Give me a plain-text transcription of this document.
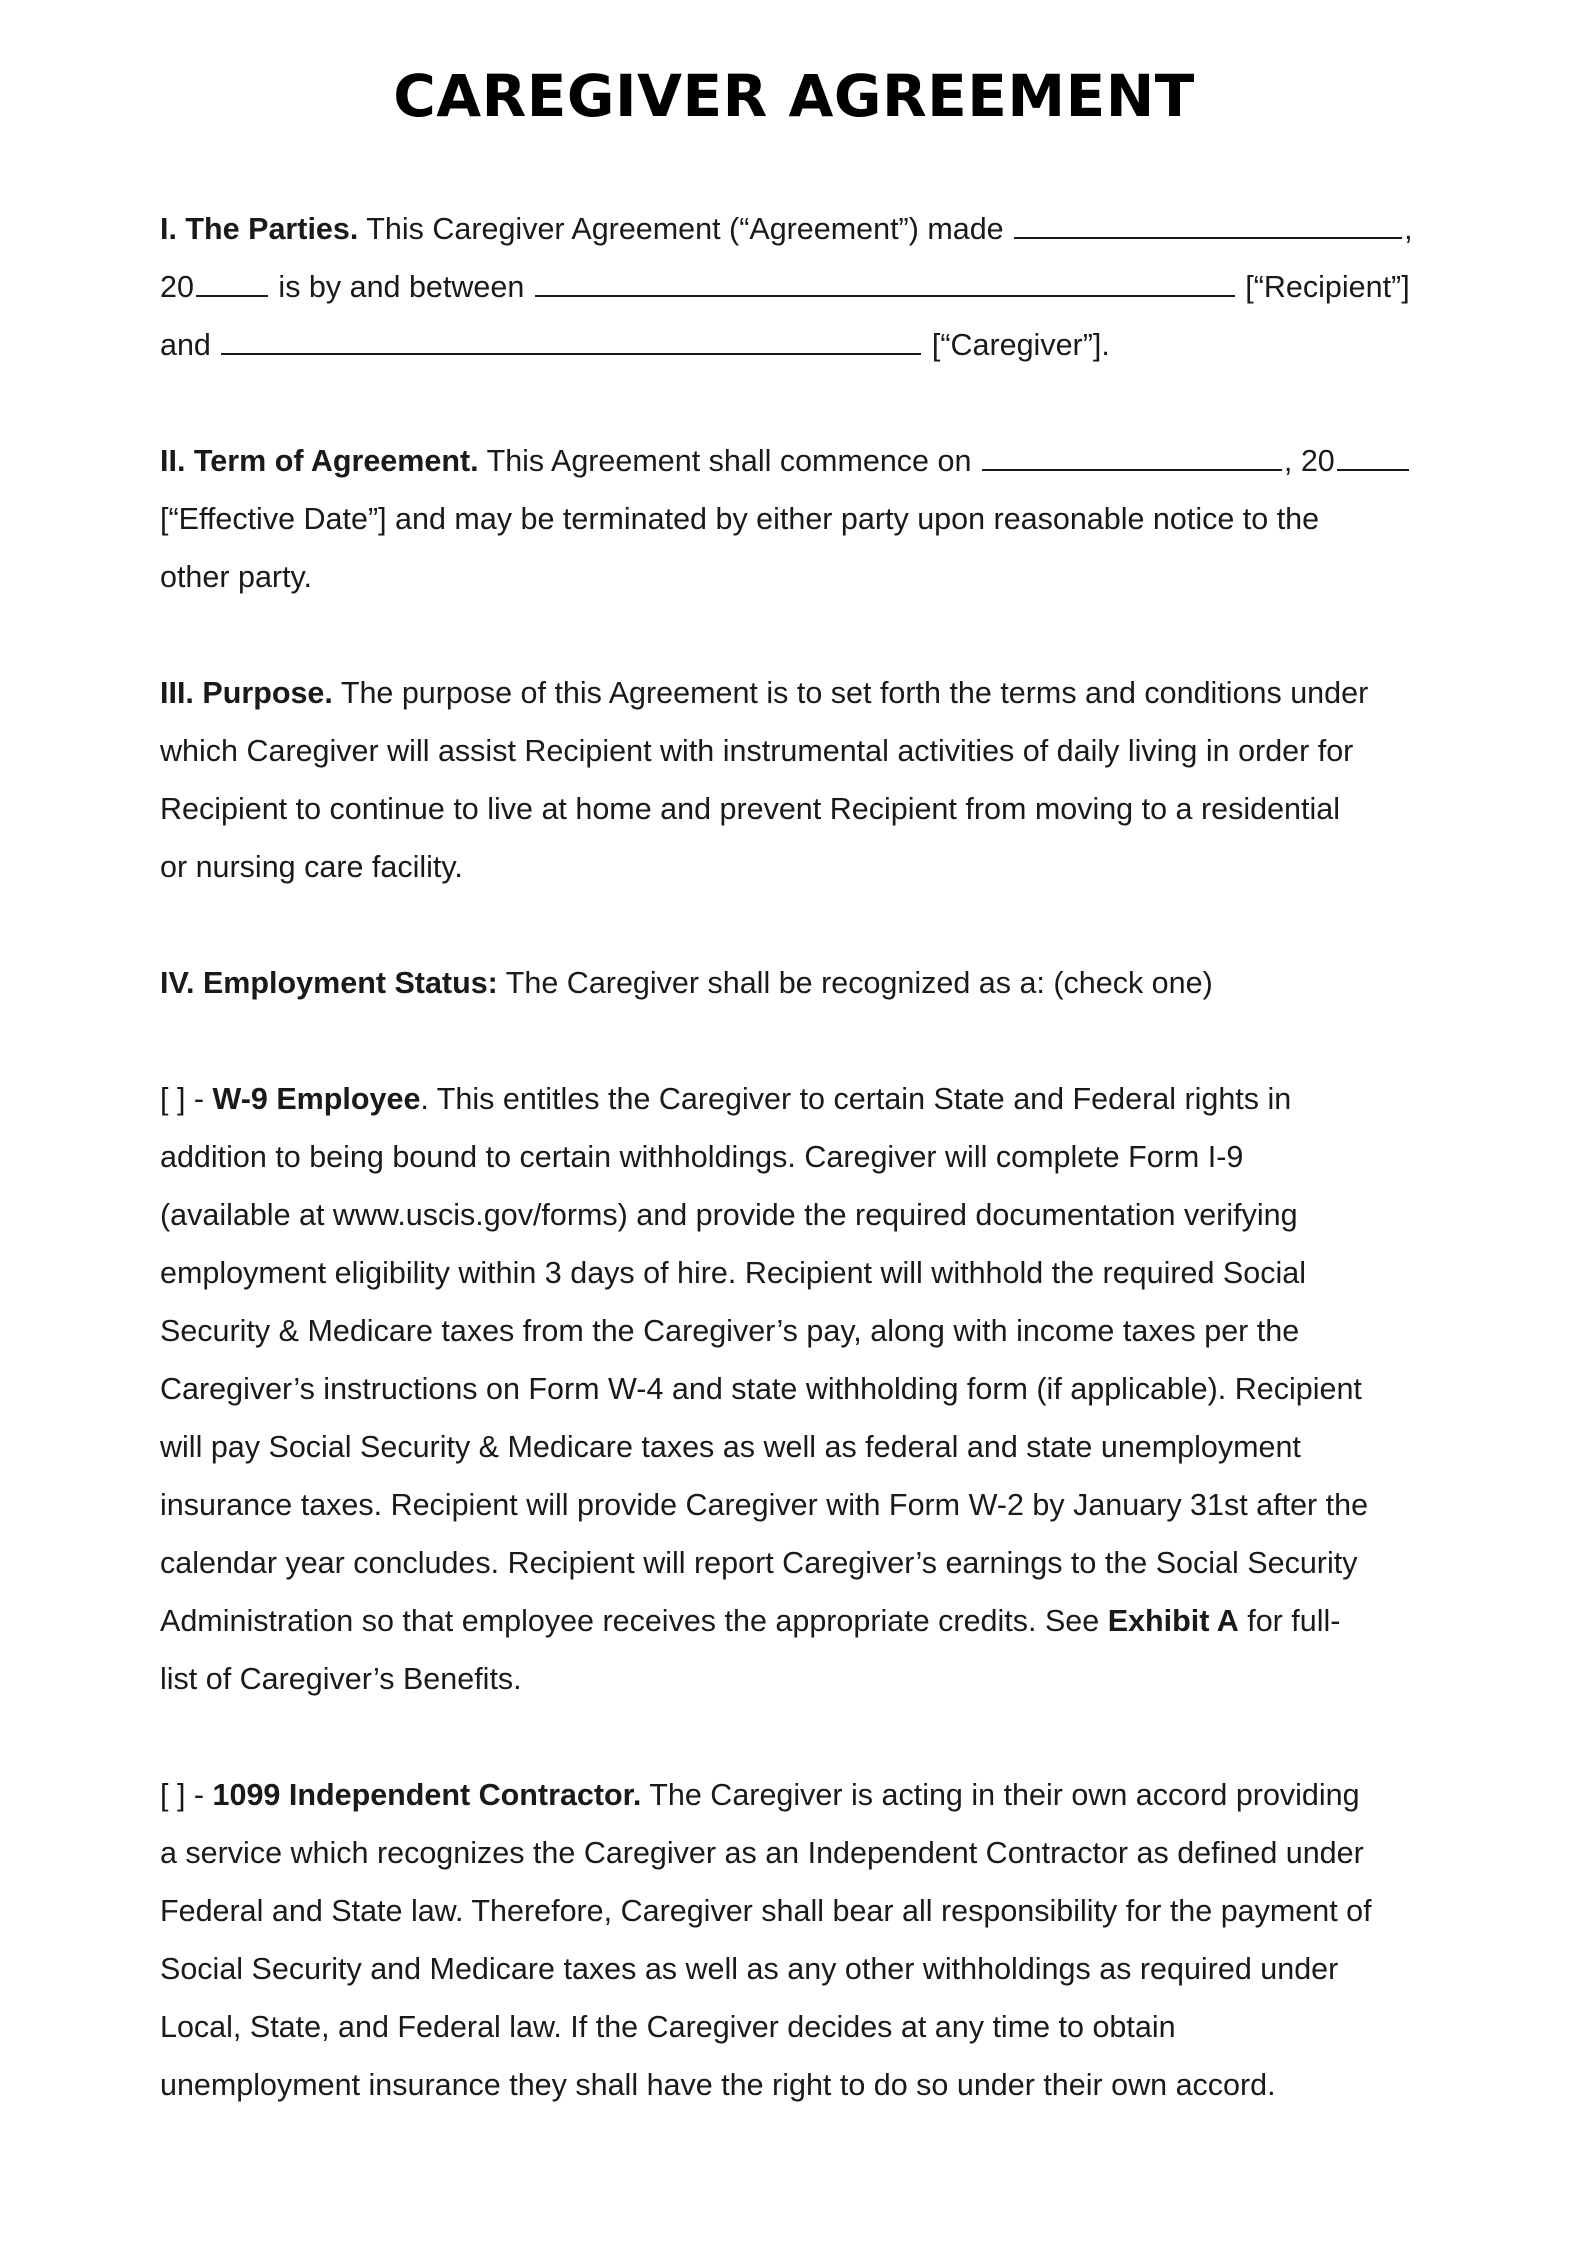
CAREGIVER AGREEMENT
I. The Parties. This Caregiver Agreement (“Agreement”) made	,
20	is by and between	[“Recipient”]
and	[“Caregiver”].
II. Term of Agreement. This Agreement shall commence on	, 20
[“Effective Date”] and may be terminated by either party upon reasonable notice to the
other party.
III. Purpose. The purpose of this Agreement is to set forth the terms and conditions under
which Caregiver will assist Recipient with instrumental activities of daily living in order for
Recipient to continue to live at home and prevent Recipient from moving to a residential
or nursing care facility.
IV. Employment Status: The Caregiver shall be recognized as a: (check one)
[ ] - W-9 Employee. This entitles the Caregiver to certain State and Federal rights in
addition to being bound to certain withholdings. Caregiver will complete Form I-9
(available at www.uscis.gov/forms) and provide the required documentation verifying
employment eligibility within 3 days of hire. Recipient will withhold the required Social
Security & Medicare taxes from the Caregiver’s pay, along with income taxes per the
Caregiver’s instructions on Form W-4 and state withholding form (if applicable). Recipient
will pay Social Security & Medicare taxes as well as federal and state unemployment
insurance taxes. Recipient will provide Caregiver with Form W-2 by January 31st after the
calendar year concludes. Recipient will report Caregiver’s earnings to the Social Security
Administration so that employee receives the appropriate credits. See Exhibit A for full-
list of Caregiver’s Benefits.
[ ] - 1099 Independent Contractor. The Caregiver is acting in their own accord providing
a service which recognizes the Caregiver as an Independent Contractor as defined under
Federal and State law. Therefore, Caregiver shall bear all responsibility for the payment of
Social Security and Medicare taxes as well as any other withholdings as required under
Local, State, and Federal law. If the Caregiver decides at any time to obtain
unemployment insurance they shall have the right to do so under their own accord.
